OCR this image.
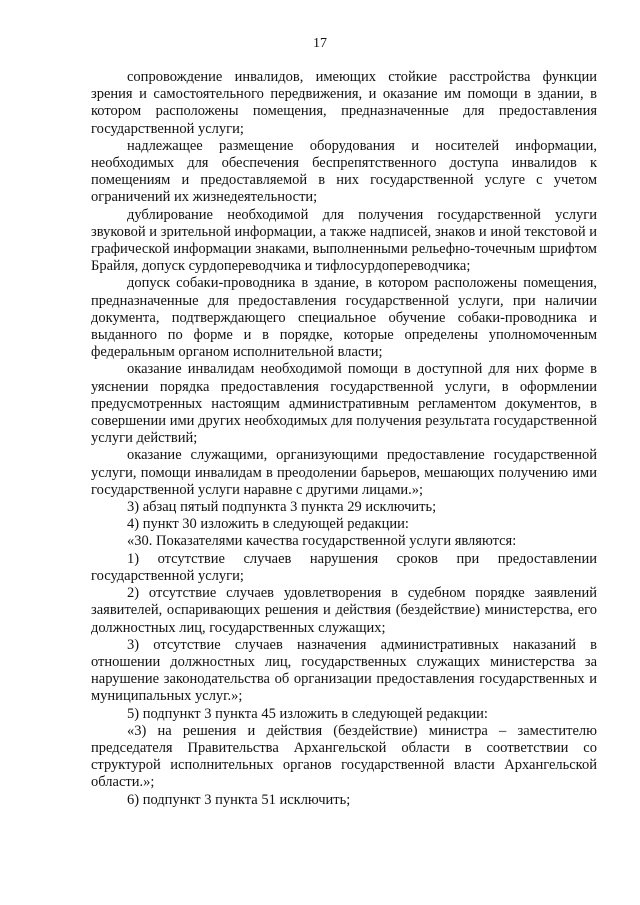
17

сопровождение инвалидов, имеющих стойкие расстройства функции зрения и самостоятельного передвижения, и оказание им помощи в здании, в котором расположены помещения, предназначенные для предоставления государственной услуги;

надлежащее размещение оборудования и носителей информации, необходимых для обеспечения беспрепятственного доступа инвалидов к помещениям и предоставляемой в них государственной услуге с учетом ограничений их жизнедеятельности;

дублирование необходимой для получения государственной услуги звуковой и зрительной информации, а также надписей, знаков и иной текстовой и графической информации знаками, выполненными рельефно-точечным шрифтом Брайля, допуск сурдопереводчика и тифлосурдопереводчика;

допуск собаки-проводника в здание, в котором расположены помещения, предназначенные для предоставления государственной услуги, при наличии документа, подтверждающего специальное обучение собаки-проводника и выданного по форме и в порядке, которые определены уполномоченным федеральным органом исполнительной власти;

оказание инвалидам необходимой помощи в доступной для них форме в уяснении порядка предоставления государственной услуги, в оформлении предусмотренных настоящим административным регламентом документов, в совершении ими других необходимых для получения результата государственной услуги действий;

оказание служащими, организующими предоставление государственной услуги, помощи инвалидам в преодолении барьеров, мешающих получению ими государственной услуги наравне с другими лицами.»;

3) абзац пятый подпункта 3 пункта 29 исключить;

4) пункт 30 изложить в следующей редакции:

«30. Показателями качества государственной услуги являются:

1) отсутствие случаев нарушения сроков при предоставлении государственной услуги;

2) отсутствие случаев удовлетворения в судебном порядке заявлений заявителей, оспаривающих решения и действия (бездействие) министерства, его должностных лиц, государственных служащих;

3) отсутствие случаев назначения административных наказаний в отношении должностных лиц, государственных служащих министерства за нарушение законодательства об организации предоставления государственных и муниципальных услуг.»;

5) подпункт 3 пункта 45 изложить в следующей редакции:

«3) на решения и действия (бездействие) министра – заместителю председателя Правительства Архангельской области в соответствии со структурой исполнительных органов государственной власти Архангельской области.»;

6) подпункт 3 пункта 51 исключить;
